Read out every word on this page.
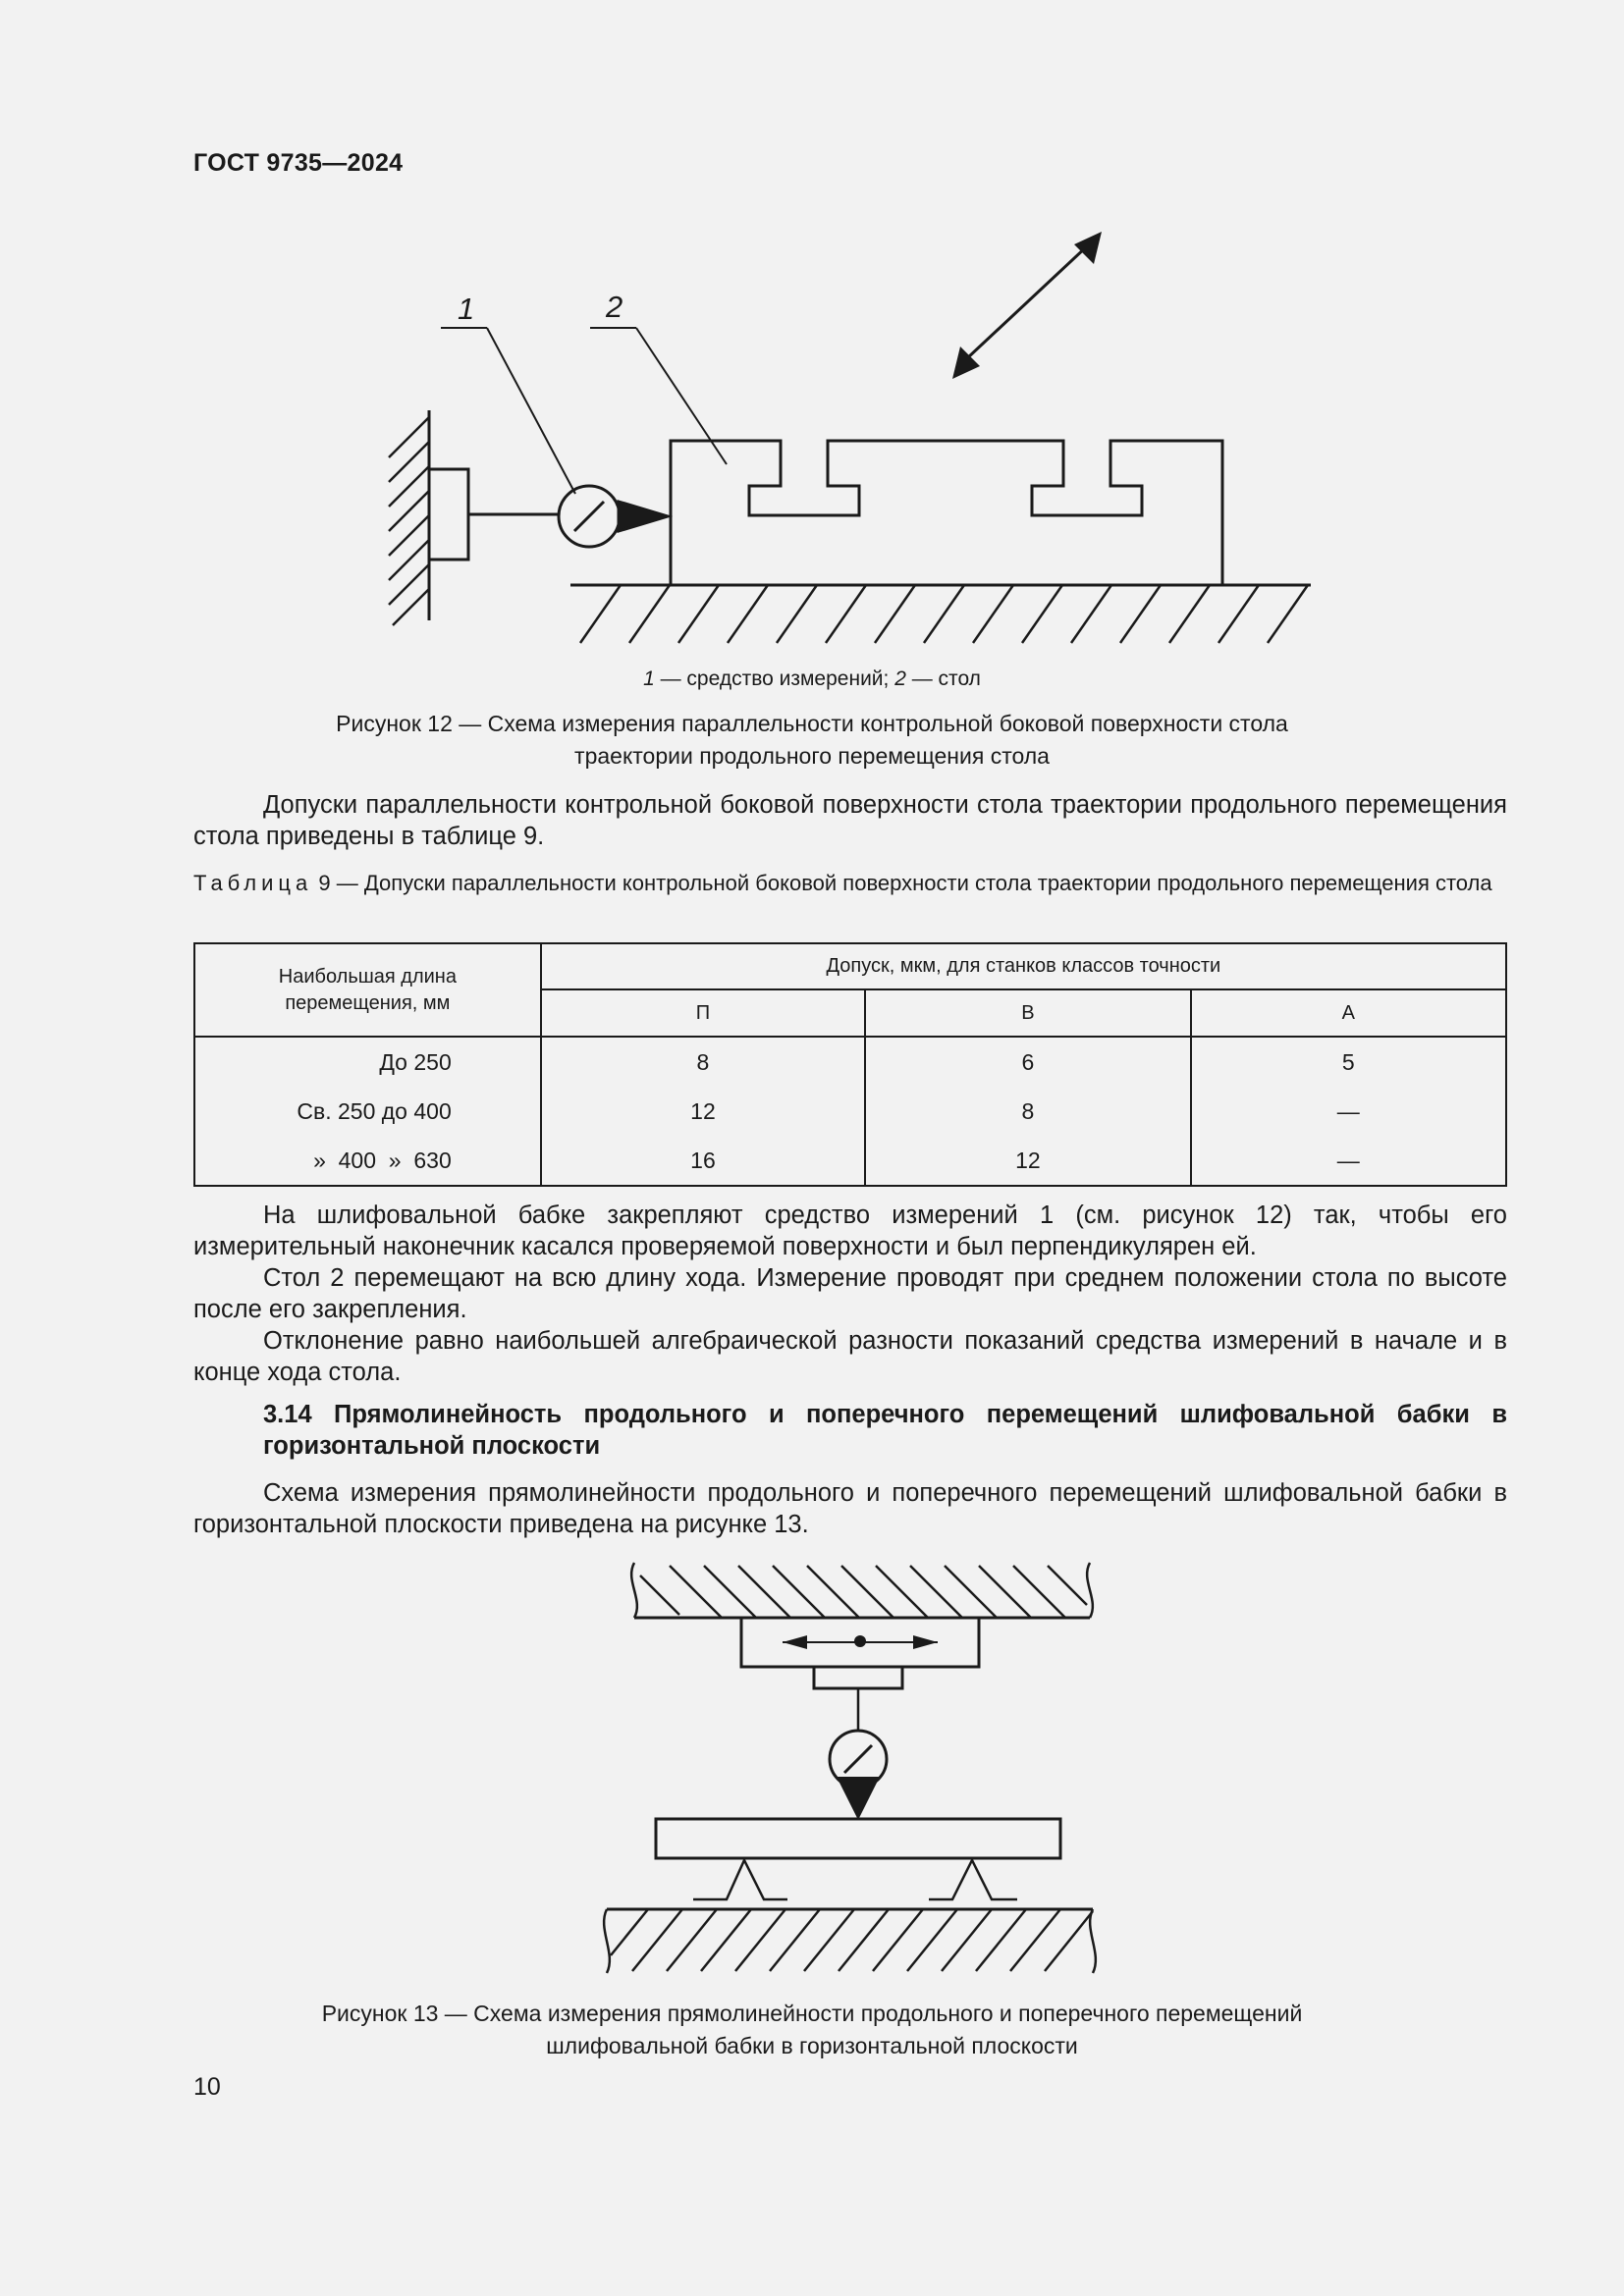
ГОСТ 9735—2024
1	2
1 — средство измерений; 2 — стол
Рисунок 12 — Схема измерения параллельности контрольной боковой поверхности стола
траектории продольного перемещения стола

Допуски параллельности контрольной боковой поверхности стола траектории продольного перемещения стола приведены в таблице 9.

Таблица 9 — Допуски параллельности контрольной боковой поверхности стола траектории продольного перемещения стола
Наибольшая длина перемещения, мм	Допуск, мкм, для станков классов точности		
	П	В	А
До 250	8	6	5
Св. 250 до 400	12	8	—
»  400  »  630	16	12	—

На шлифовальной бабке закрепляют средство измерений 1 (см. рисунок 12) так, чтобы его измерительный наконечник касался проверяемой поверхности и был перпендикулярен ей.

Стол 2 перемещают на всю длину хода. Измерение проводят при среднем положении стола по высоте после его закрепления.

Отклонение равно наибольшей алгебраической разности показаний средства измерений в начале и в конце хода стола.

3.14 Прямолинейность продольного и поперечного перемещений шлифовальной бабки в горизонтальной плоскости

Схема измерения прямолинейности продольного и поперечного перемещений шлифовальной бабки в горизонтальной плоскости приведена на рисунке 13.

Рисунок 13 — Схема измерения прямолинейности продольного и поперечного перемещений
шлифовальной бабки в горизонтальной плоскости
10
